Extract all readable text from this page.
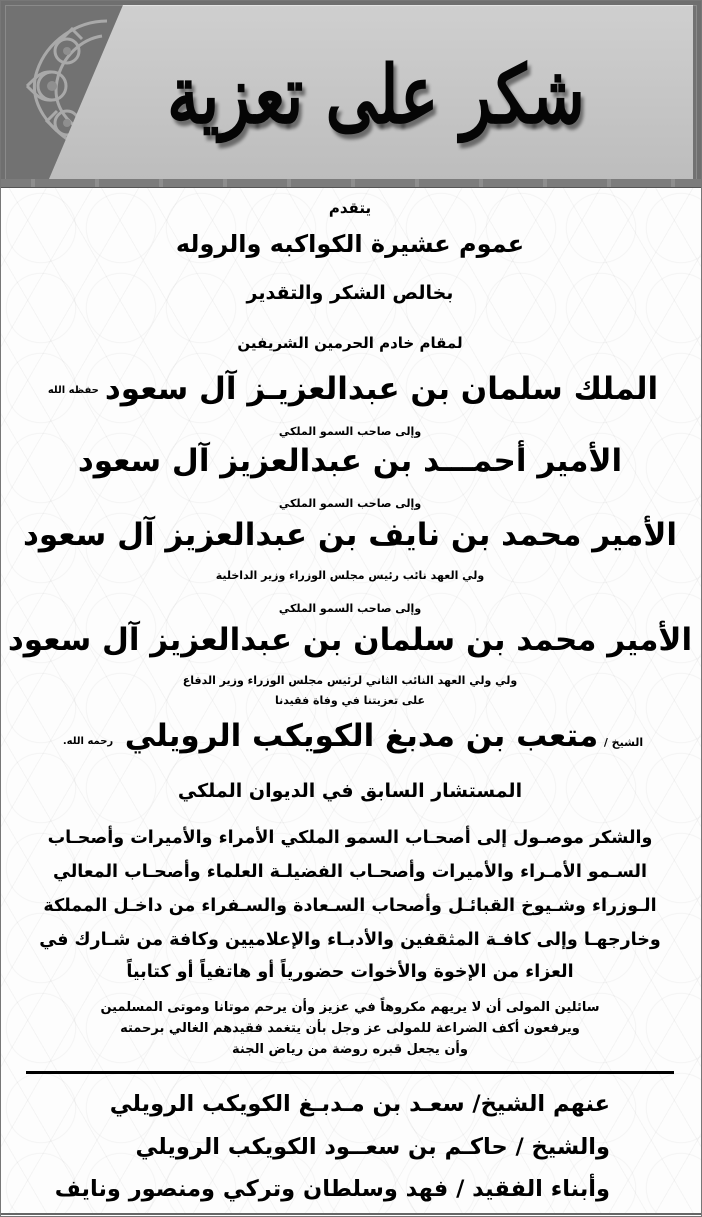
شكر على تعزية
يتقدم
عموم عشيرة الكواكبه والروله
بخالص الشكر والتقدير
لمقام خادم الحرمين الشريفين
الملك سلمان بن عبدالعزيـز آل سعودحفظه الله
وإلى صاحب السمو الملكي
الأمير أحمـــد بن عبدالعزيز آل سعود
وإلى صاحب السمو الملكي
الأمير محمد بن نايف بن عبدالعزيز آل سعود
ولي العهد نائب رئيس مجلس الوزراء وزير الداخلية
وإلى صاحب السمو الملكي
الأمير محمد بن سلمان بن عبدالعزيز آل سعود
ولي ولي العهد النائب الثاني لرئيس مجلس الوزراء وزير الدفاع
على تعزيتنا في وفاة فقيدنا
الشيخ / متعب بن مدبغ الكويكب الرويلي رحمه الله.
المستشار السابق في الديوان الملكي
والشكر موصـول إلى أصحـاب السمو الملكي الأمراء والأميرات وأصحـاب
السـمو الأمـراء والأميرات وأصحـاب الفضيلـة العلماء وأصحـاب المعالي
الـوزراء وشـيوخ القبائـل وأصحاب السـعادة والسـفراء من داخـل المملكة
وخارجهـا وإلى كافـة المثقفين والأدبـاء والإعلاميين وكافة من شـارك في
العزاء من الإخوة والأخوات حضورياً أو هاتفياً أو كتابياً
سائلين المولى أن لا يريهم مكروهاً في عزيز وأن يرحم موتانا وموتى المسلمين
ويرفعون أكف الضراعة للمولى عز وجل بأن يتغمد فقيدهم الغالي برحمته
وأن يجعل قبره روضة من رياض الجنة
عنهم الشيخ/ سعـد بن مـدبـغ الكويكب الرويلي
والشيخ / حاكـم بن سعــود الكويكب الرويلي
وأبناء الفقيد / فهد وسلطان وتركي ومنصور ونايف
